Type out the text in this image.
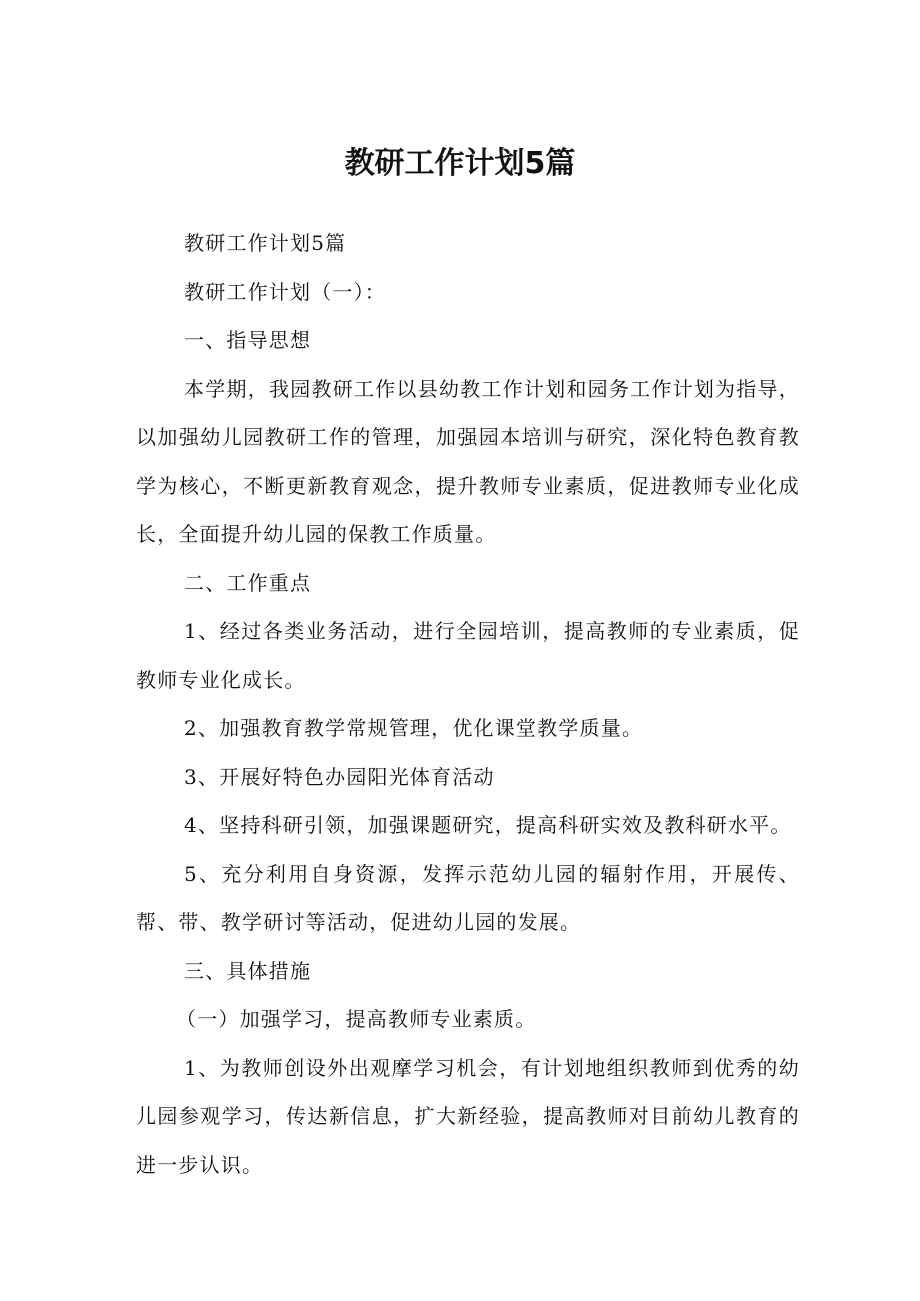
教研工作计划5篇

教研工作计划5篇

教研工作计划（一）：

一、指导思想

本学期，我园教研工作以县幼教工作计划和园务工作计划为指导，以加强幼儿园教研工作的管理，加强园本培训与研究，深化特色教育教学为核心，不断更新教育观念，提升教师专业素质，促进教师专业化成长，全面提升幼儿园的保教工作质量。

二、工作重点

1、经过各类业务活动，进行全园培训，提高教师的专业素质，促教师专业化成长。

2、加强教育教学常规管理，优化课堂教学质量。

3、开展好特色办园阳光体育活动

4、坚持科研引领，加强课题研究，提高科研实效及教科研水平。

5、充分利用自身资源，发挥示范幼儿园的辐射作用，开展传、帮、带、教学研讨等活动，促进幼儿园的发展。

三、具体措施

（一）加强学习，提高教师专业素质。

1、为教师创设外出观摩学习机会，有计划地组织教师到优秀的幼儿园参观学习，传达新信息，扩大新经验，提高教师对目前幼儿教育的进一步认识。
